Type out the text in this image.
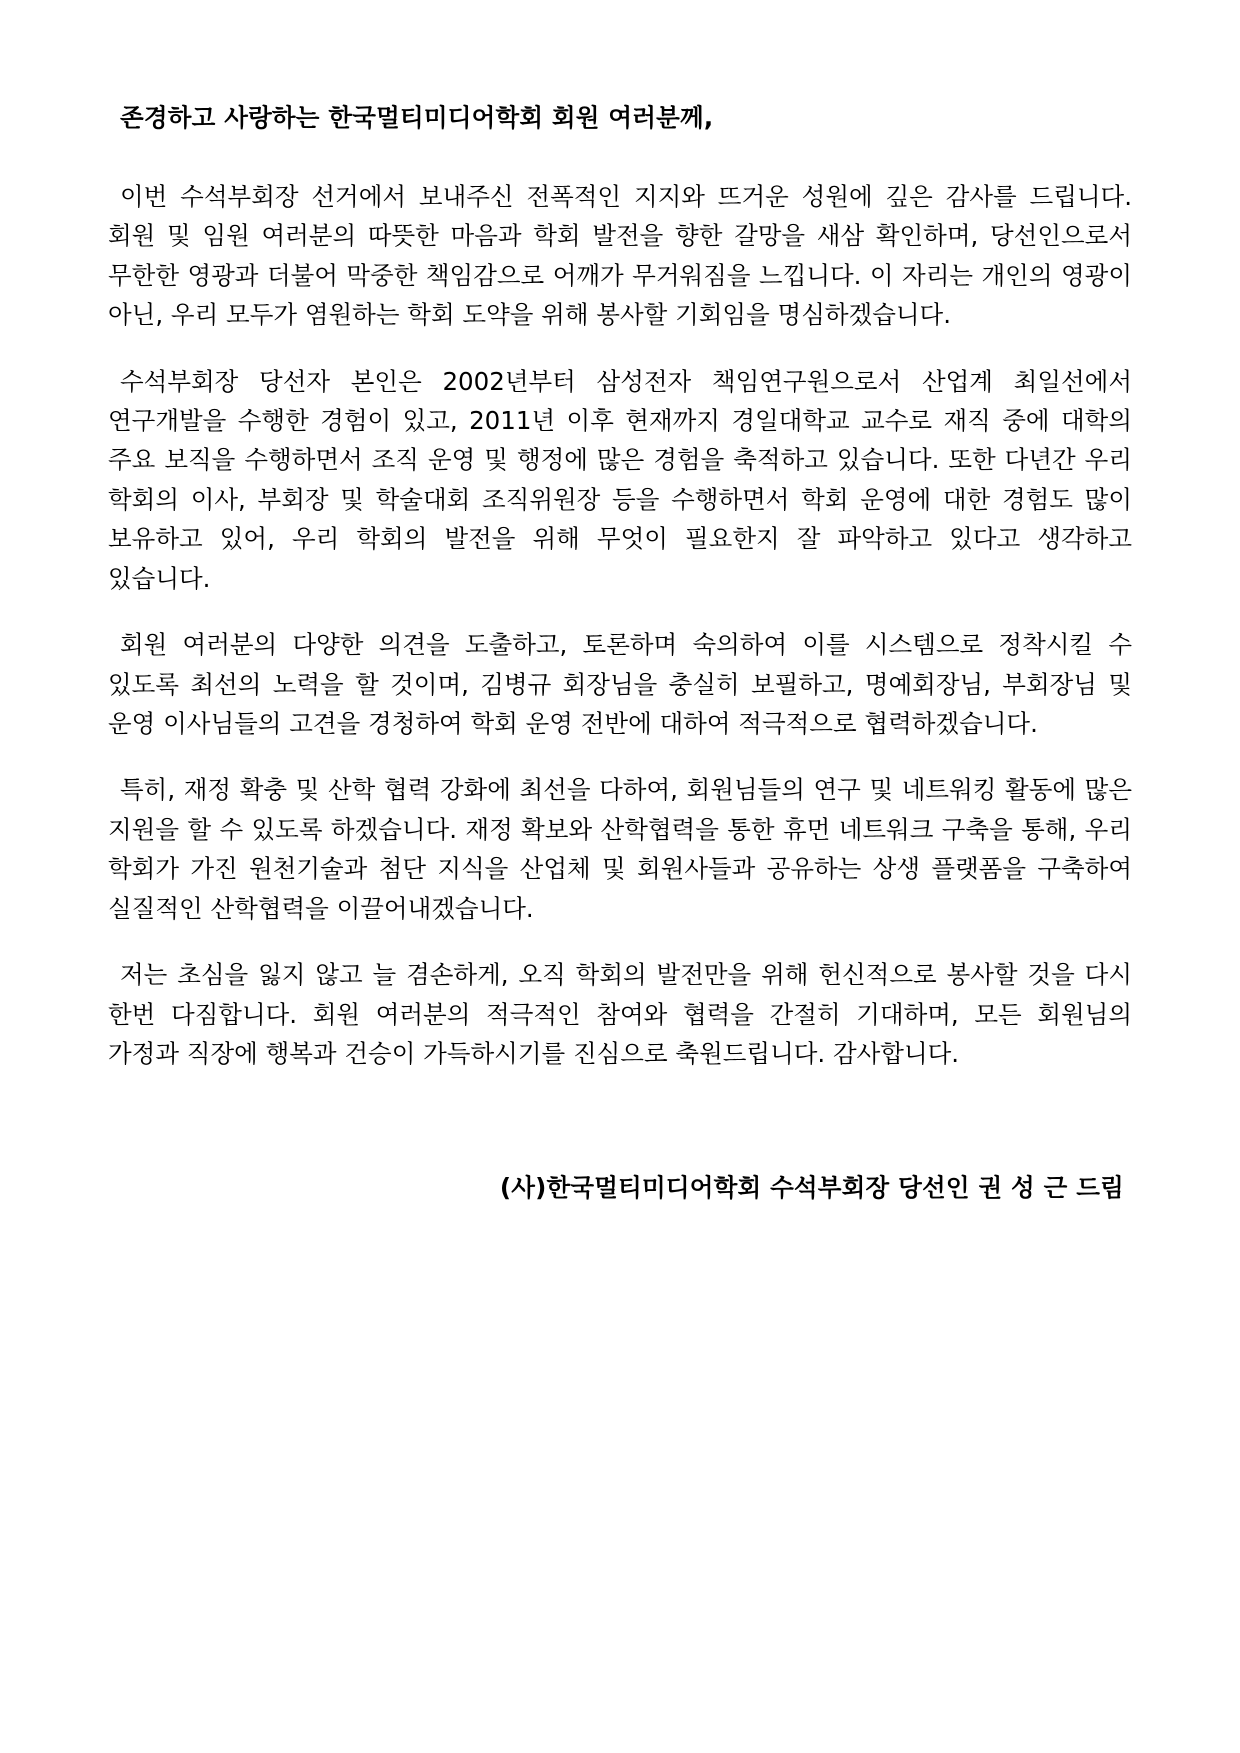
존경하고 사랑하는 한국멀티미디어학회 회원 여러분께,

이번 수석부회장 선거에서 보내주신 전폭적인 지지와 뜨거운 성원에 깊은 감사를 드립니다. 회원 및 임원 여러분의 따뜻한 마음과 학회 발전을 향한 갈망을 새삼 확인하며, 당선인으로서 무한한 영광과 더불어 막중한 책임감으로 어깨가 무거워짐을 느낍니다. 이 자리는 개인의 영광이 아닌, 우리 모두가 염원하는 학회 도약을 위해 봉사할 기회임을 명심하겠습니다.

수석부회장 당선자 본인은 2002년부터 삼성전자 책임연구원으로서 산업계 최일선에서 연구개발을 수행한 경험이 있고, 2011년 이후 현재까지 경일대학교 교수로 재직 중에 대학의 주요 보직을 수행하면서 조직 운영 및 행정에 많은 경험을 축적하고 있습니다. 또한 다년간 우리 학회의 이사, 부회장 및 학술대회 조직위원장 등을 수행하면서 학회 운영에 대한 경험도 많이 보유하고 있어, 우리 학회의 발전을 위해 무엇이 필요한지 잘 파악하고 있다고 생각하고 있습니다.

회원 여러분의 다양한 의견을 도출하고, 토론하며 숙의하여 이를 시스템으로 정착시킬 수 있도록 최선의 노력을 할 것이며, 김병규 회장님을 충실히 보필하고, 명예회장님, 부회장님 및 운영 이사님들의 고견을 경청하여 학회 운영 전반에 대하여 적극적으로 협력하겠습니다.

특히, 재정 확충 및 산학 협력 강화에 최선을 다하여, 회원님들의 연구 및 네트워킹 활동에 많은 지원을 할 수 있도록 하겠습니다. 재정 확보와 산학협력을 통한 휴먼 네트워크 구축을 통해, 우리 학회가 가진 원천기술과 첨단 지식을 산업체 및 회원사들과 공유하는 상생 플랫폼을 구축하여 실질적인 산학협력을 이끌어내겠습니다.

저는 초심을 잃지 않고 늘 겸손하게, 오직 학회의 발전만을 위해 헌신적으로 봉사할 것을 다시 한번 다짐합니다. 회원 여러분의 적극적인 참여와 협력을 간절히 기대하며, 모든 회원님의 가정과 직장에 행복과 건승이 가득하시기를 진심으로 축원드립니다. 감사합니다.

(사)한국멀티미디어학회 수석부회장 당선인 권 성 근 드림
